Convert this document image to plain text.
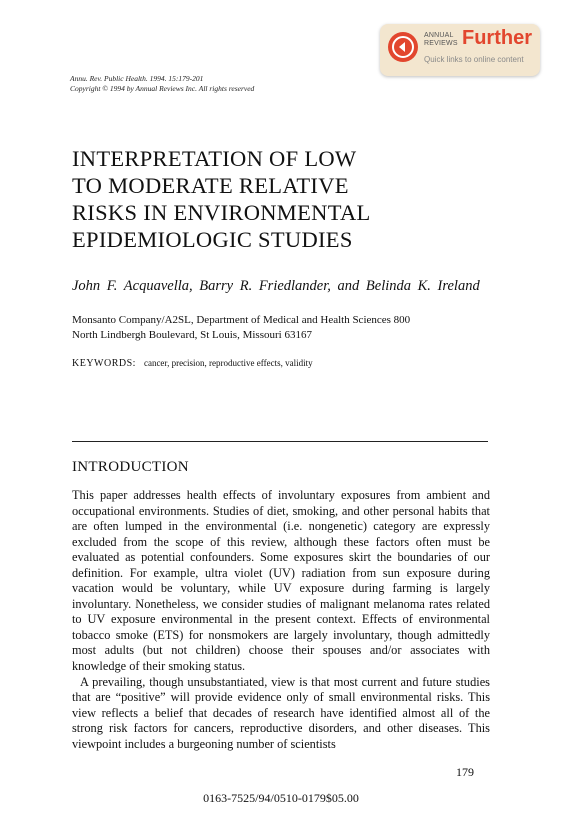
ANNUAL
REVIEWS Further
Quick links to online content
Annu. Rev. Public Health. 1994. 15:179-201
Copyright © 1994 by Annual Reviews Inc. All rights reserved
INTERPRETATION OF LOW
TO MODERATE RELATIVE
RISKS IN ENVIRONMENTAL
EPIDEMIOLOGIC STUDIES
John F. Acquavella, Barry R. Friedlander, and Belinda K. Ireland
Monsanto Company/A2SL, Department of Medical and Health Sciences 800
North Lindbergh Boulevard, St Louis, Missouri 63167
KEYWORDS: cancer, precision, reproductive effects, validity
INTRODUCTION

This paper addresses health effects of involuntary exposures from ambient and occupational environments. Studies of diet, smoking, and other personal habits that are often lumped in the environmental (i.e. nongenetic) category are expressly excluded from the scope of this review, although these factors often must be evaluated as potential confounders. Some exposures skirt the boundaries of our definition. For example, ultra violet (UV) radiation from sun exposure during vacation would be voluntary, while UV exposure during farming is largely involuntary. Nonetheless, we consider studies of malignant melanoma rates related to UV exposure environmental in the present context. Effects of environmental tobacco smoke (ETS) for nonsmokers are largely involuntary, though admittedly most adults (but not children) choose their spouses and/or associates with knowledge of their smoking status.

A prevailing, though unsubstantiated, view is that most current and future studies that are “positive” will provide evidence only of small environmental risks. This view reflects a belief that decades of research have identified almost all of the strong risk factors for cancers, reproductive disorders, and other diseases. This viewpoint includes a burgeoning number of scientists

179
0163-7525/94/0510-0179$05.00
